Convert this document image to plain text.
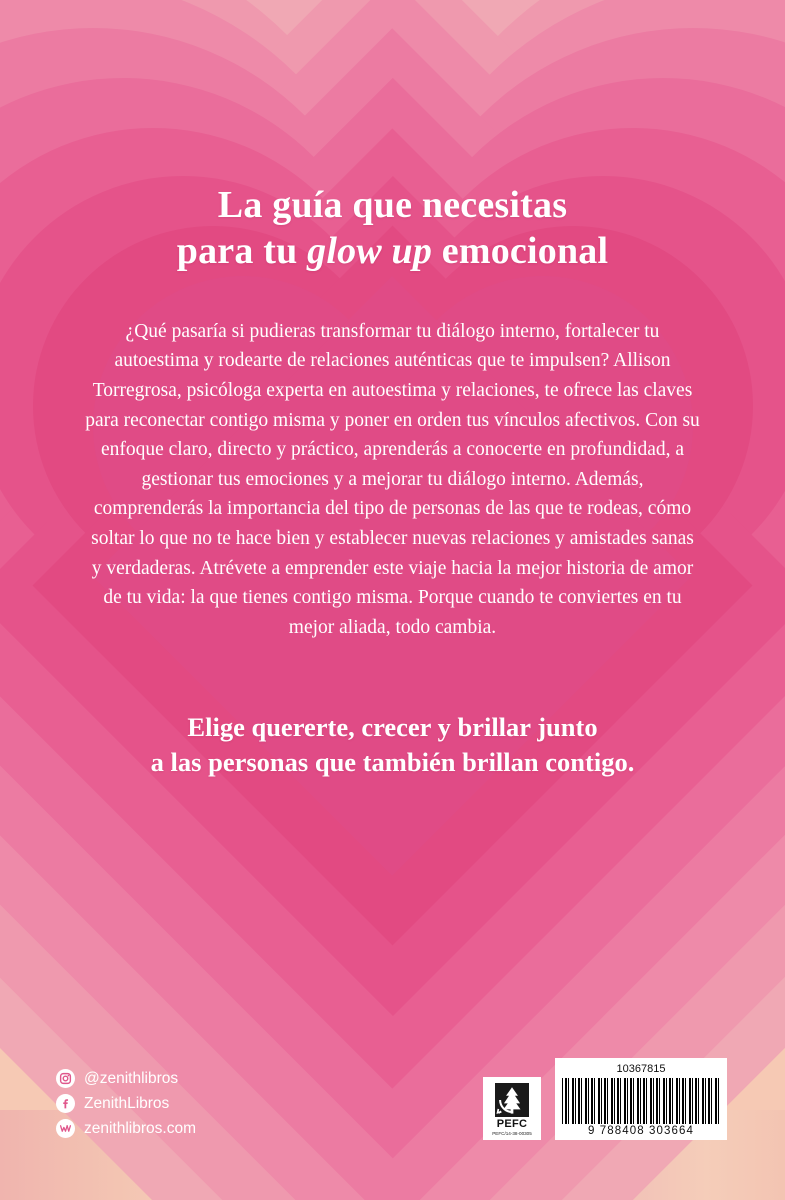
La guía que necesitas
para tu glow up emocional

¿Qué pasaría si pudieras transformar tu diálogo interno, fortalecer tu autoestima y rodearte de relaciones auténticas que te impulsen? Allison Torregrosa, psicóloga experta en autoestima y relaciones, te ofrece las claves para reconectar contigo misma y poner en orden tus vínculos afectivos. Con su enfoque claro, directo y práctico, aprenderás a conocerte en profundidad, a gestionar tus emociones y a mejorar tu diálogo interno. Además, comprenderás la importancia del tipo de personas de las que te rodeas, cómo soltar lo que no te hace bien y establecer nuevas relaciones y amistades sanas y verdaderas. Atrévete a emprender este viaje hacia la mejor historia de amor de tu vida: la que tienes contigo misma. Porque cuando te conviertes en tu mejor aliada, todo cambia.

Elige quererte, crecer y brillar junto
a las personas que también brillan contigo.
@zenithlibros
ZenithLibros
zenithlibros.com	PEFC
PEFC/14-38-00305
10367815
9 788408 303664
